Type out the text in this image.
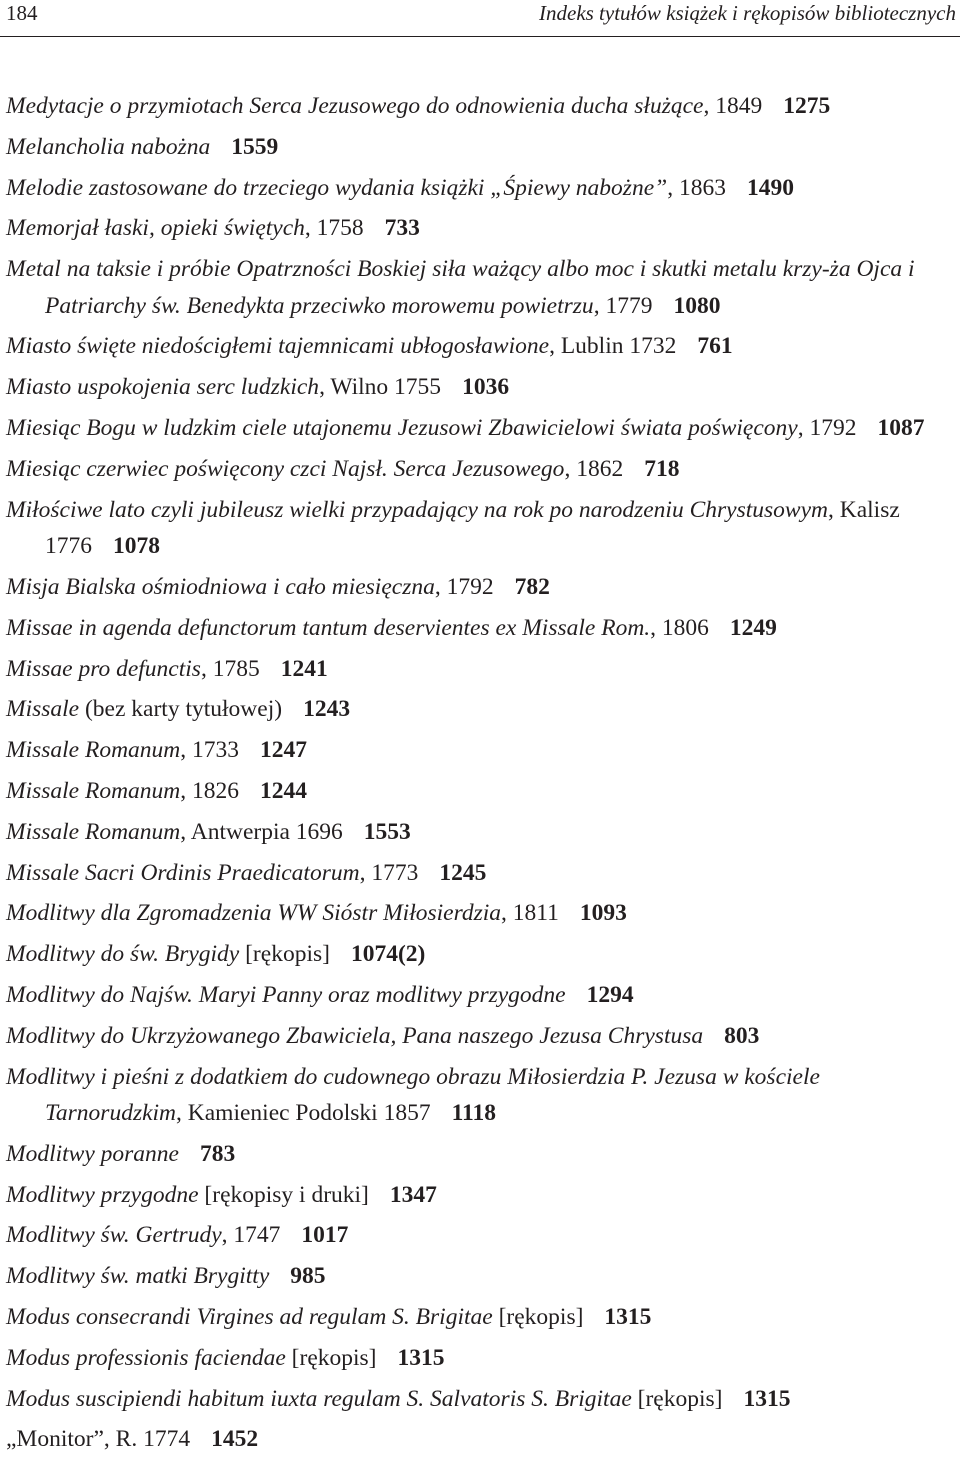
184	Indeks tytułów książek i rękopisów bibliotecznych
Medytacje o przymiotach Serca Jezusowego do odnowienia ducha służące, 1849 1275
Melancholia nabożna 1559
Melodie zastosowane do trzeciego wydania książki „Śpiewy nabożne”, 1863 1490
Memorjał łaski, opieki świętych, 1758 733
Metal na taksie i próbie Opatrzności Boskiej siła ważący albo moc i skutki metalu krzy-ża Ojca i Patriarchy św. Benedykta przeciwko morowemu powietrzu, 1779 1080
Miasto święte niedościgłemi tajemnicami ubłogosławione, Lublin 1732 761
Miasto uspokojenia serc ludzkich, Wilno 1755 1036
Miesiąc Bogu w ludzkim ciele utajonemu Jezusowi Zbawicielowi świata poświęcony, 1792 1087
Miesiąc czerwiec poświęcony czci Najsł. Serca Jezusowego, 1862 718
Miłościwe lato czyli jubileusz wielki przypadający na rok po narodzeniu Chrystusowym, Kalisz 1776 1078
Misja Bialska ośmiodniowa i cało miesięczna, 1792 782
Missae in agenda defunctorum tantum deservientes ex Missale Rom., 1806 1249
Missae pro defunctis, 1785 1241
Missale (bez karty tytułowej) 1243
Missale Romanum, 1733 1247
Missale Romanum, 1826 1244
Missale Romanum, Antwerpia 1696 1553
Missale Sacri Ordinis Praedicatorum, 1773 1245
Modlitwy dla Zgromadzenia WW Sióstr Miłosierdzia, 1811 1093
Modlitwy do św. Brygidy [rękopis] 1074(2)
Modlitwy do Najśw. Maryi Panny oraz modlitwy przygodne 1294
Modlitwy do Ukrzyżowanego Zbawiciela, Pana naszego Jezusa Chrystusa 803
Modlitwy i pieśni z dodatkiem do cudownego obrazu Miłosierdzia P. Jezusa w kościele Tarnorudzkim, Kamieniec Podolski 1857 1118
Modlitwy poranne 783
Modlitwy przygodne [rękopisy i druki] 1347
Modlitwy św. Gertrudy, 1747 1017
Modlitwy św. matki Brygitty 985
Modus consecrandi Virgines ad regulam S. Brigitae [rękopis] 1315
Modus professionis faciendae [rękopis] 1315
Modus suscipiendi habitum iuxta regulam S. Salvatoris S. Brigitae [rękopis] 1315
„Monitor”, R. 1774 1452
